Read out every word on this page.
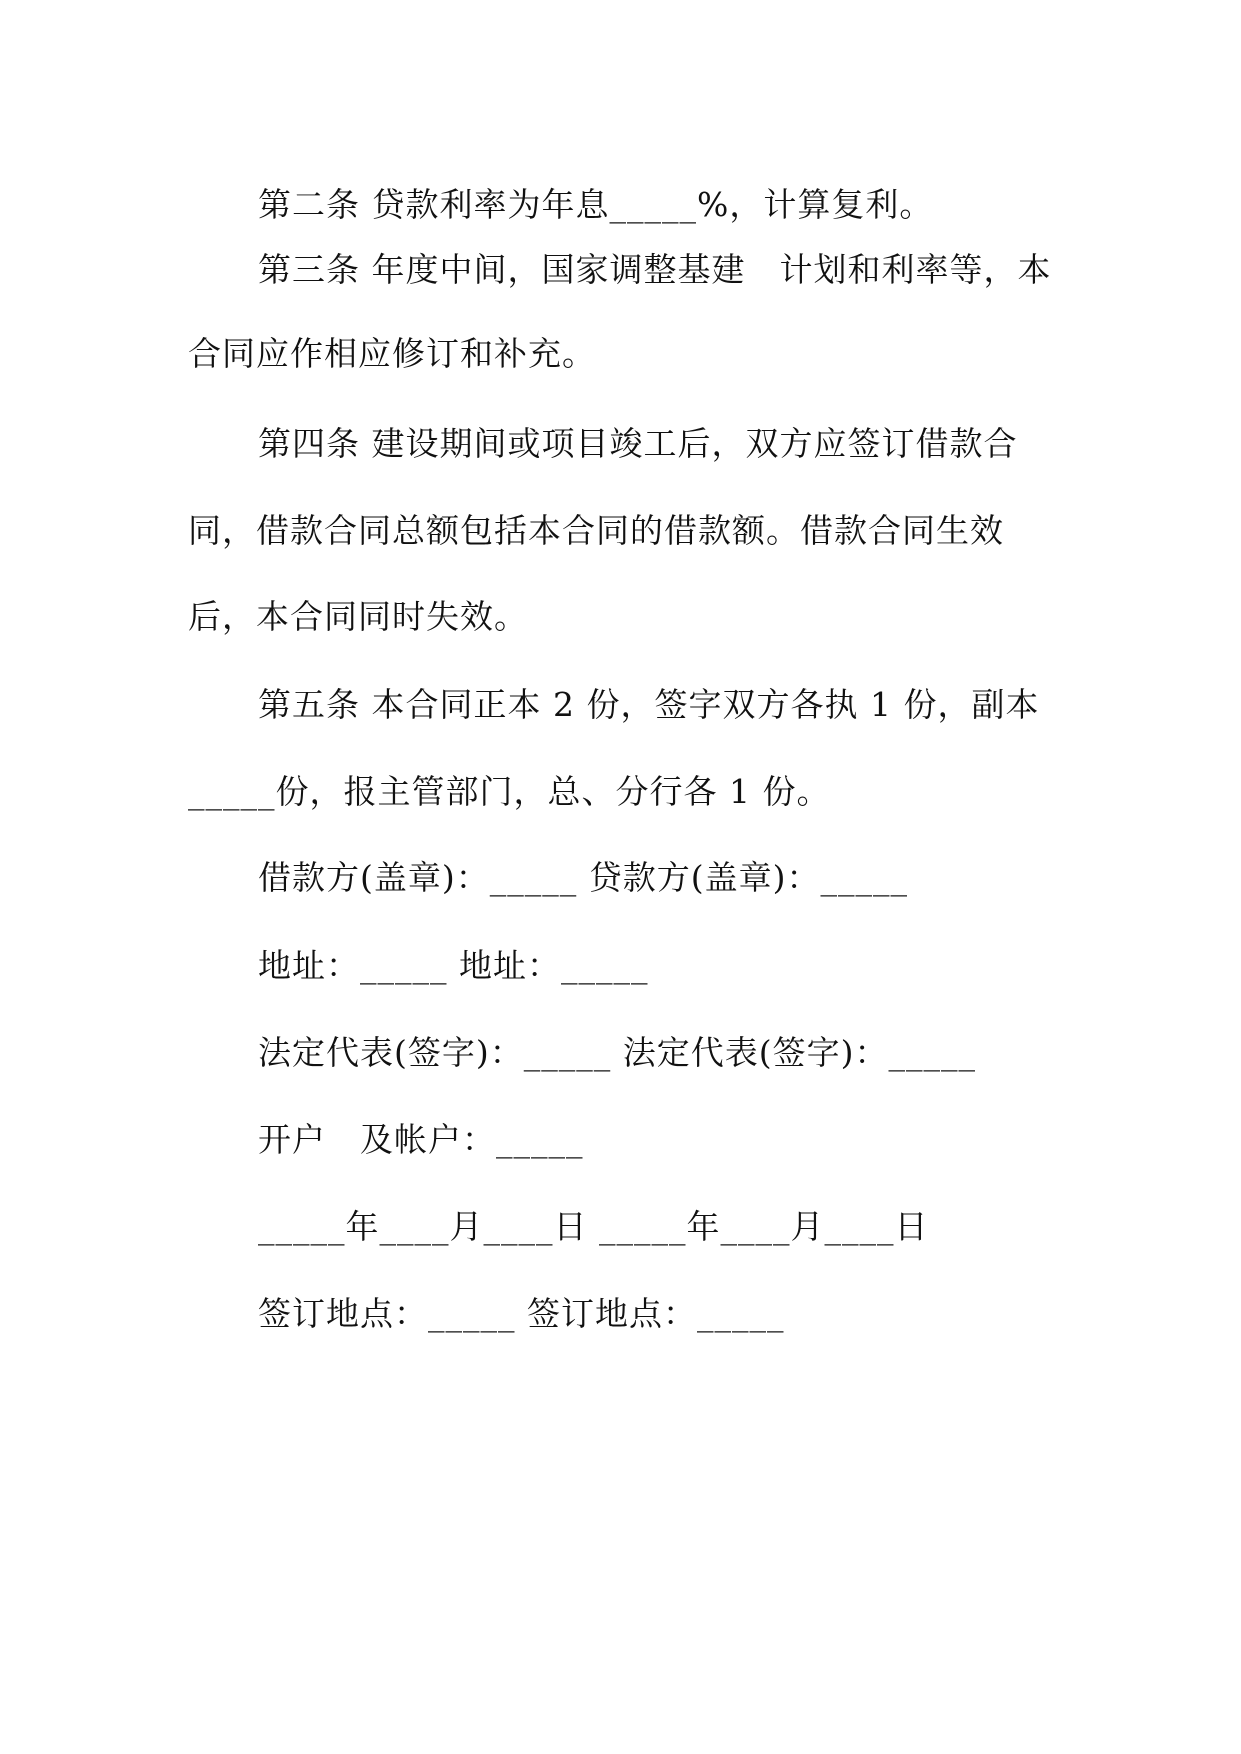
第二条 贷款利率为年息_____%，计算复利。
第三条 年度中间，国家调整基建　计划和利率等，本
合同应作相应修订和补充。
第四条 建设期间或项目竣工后，双方应签订借款合
同，借款合同总额包括本合同的借款额。借款合同生效
后，本合同同时失效。
第五条 本合同正本 2 份，签字双方各执 1 份，副本
_____份，报主管部门，总、分行各 1 份。
借款方(盖章)：_____ 贷款方(盖章)：_____
地址：_____ 地址：_____
法定代表(签字)：_____ 法定代表(签字)：_____
开户　及帐户：_____
_____年____月____日 _____年____月____日
签订地点：_____ 签订地点：_____
